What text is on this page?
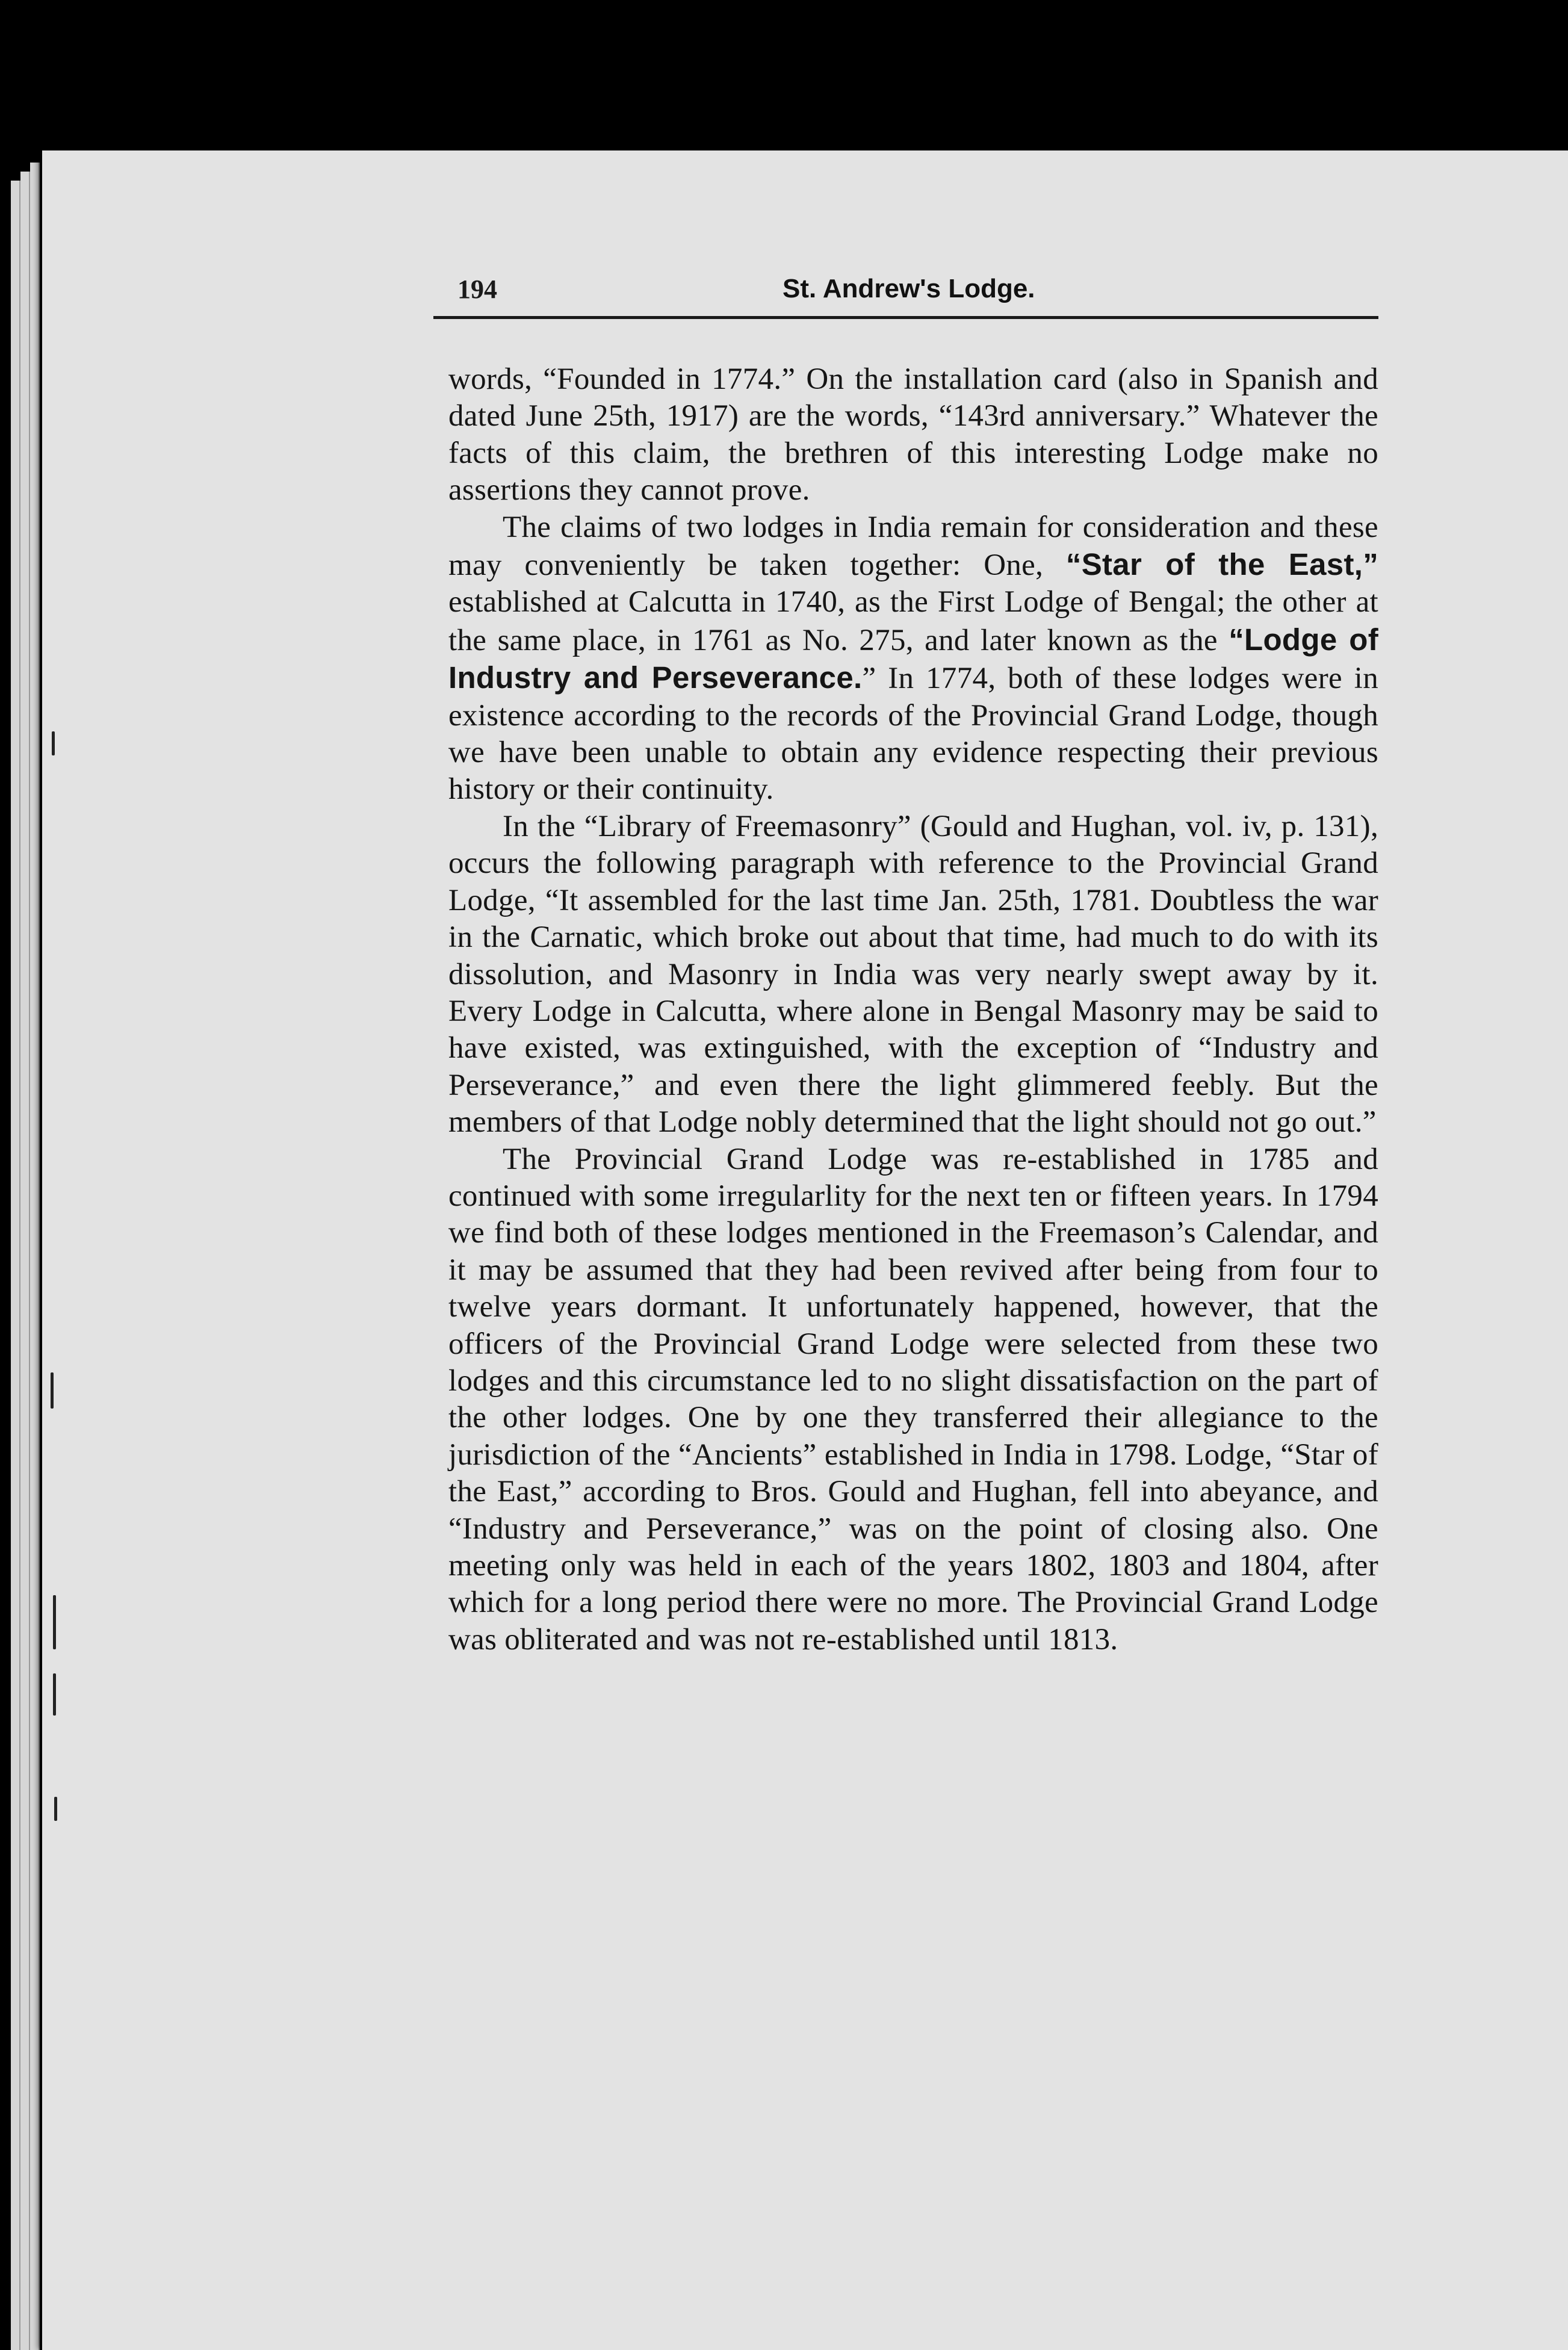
194	St. Andrew's Lodge.

words, “Founded in 1774.” On the installation card (also in Spanish and dated June 25th, 1917) are the words, “143rd anniversary.” Whatever the facts of this claim, the brethren of this interesting Lodge make no assertions they cannot prove.

The claims of two lodges in India remain for consideration and these may conveniently be taken together: One, “Star of the East,” established at Calcutta in 1740, as the First Lodge of Bengal; the other at the same place, in 1761 as No. 275, and later known as the “Lodge of Industry and Perseverance.” In 1774, both of these lodges were in existence according to the records of the Provincial Grand Lodge, though we have been unable to obtain any evidence respecting their previous history or their continuity.

In the “Library of Freemasonry” (Gould and Hughan, vol. iv, p. 131), occurs the following paragraph with reference to the Provincial Grand Lodge, “It assembled for the last time Jan. 25th, 1781. Doubtless the war in the Carnatic, which broke out about that time, had much to do with its dissolution, and Masonry in India was very nearly swept away by it. Every Lodge in Calcutta, where alone in Bengal Masonry may be said to have existed, was extinguished, with the exception of “Industry and Perseverance,” and even there the light glimmered feebly. But the members of that Lodge nobly determined that the light should not go out.”

The Provincial Grand Lodge was re-established in 1785 and continued with some irregularlity for the next ten or fifteen years. In 1794 we find both of these lodges mentioned in the Freemason’s Calendar, and it may be assumed that they had been revived after being from four to twelve years dormant. It unfortunately happened, however, that the officers of the Provincial Grand Lodge were selected from these two lodges and this circumstance led to no slight dissatisfaction on the part of the other lodges. One by one they transferred their allegiance to the jurisdiction of the “Ancients” established in India in 1798. Lodge, “Star of the East,” according to Bros. Gould and Hughan, fell into abeyance, and “Industry and Perseverance,” was on the point of closing also. One meeting only was held in each of the years 1802, 1803 and 1804, after which for a long period there were no more. The Provincial Grand Lodge was obliterated and was not re-established until 1813.
